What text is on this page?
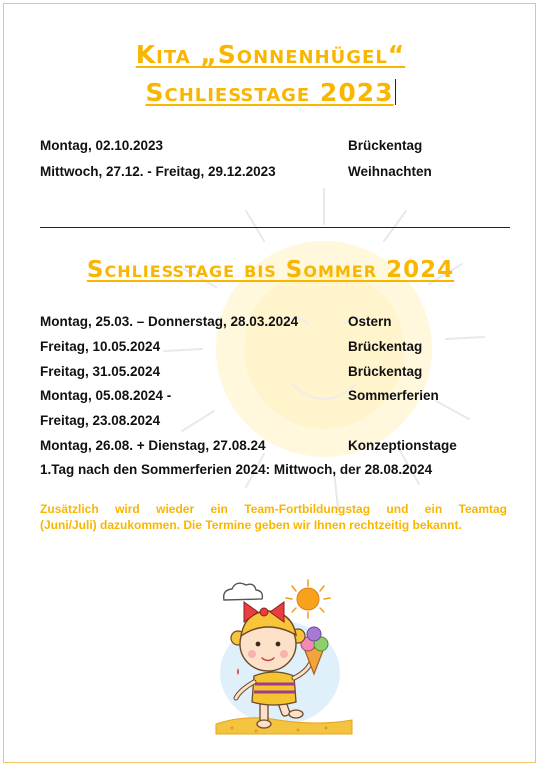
Kita „Sonnenhügel“
Schließtage 2023
Montag, 02.10.2023	Brückentag
Mittwoch, 27.12. - Freitag, 29.12.2023	Weihnachten
Schließtage bis Sommer 2024
Montag, 25.03. – Donnerstag, 28.03.2024	Ostern
Freitag, 10.05.2024	Brückentag
Freitag, 31.05.2024	Brückentag
Montag, 05.08.2024 -	Sommerferien
Freitag, 23.08.2024
Montag, 26.08. + Dienstag, 27.08.24	Konzeptionstage
1.Tag nach den Sommerferien 2024: Mittwoch, der 28.08.2024
Zusätzlich wird wieder ein Team-Fortbildungstag und ein Teamtag
(Juni/Juli) dazukommen. Die Termine geben wir Ihnen rechtzeitig bekannt.
